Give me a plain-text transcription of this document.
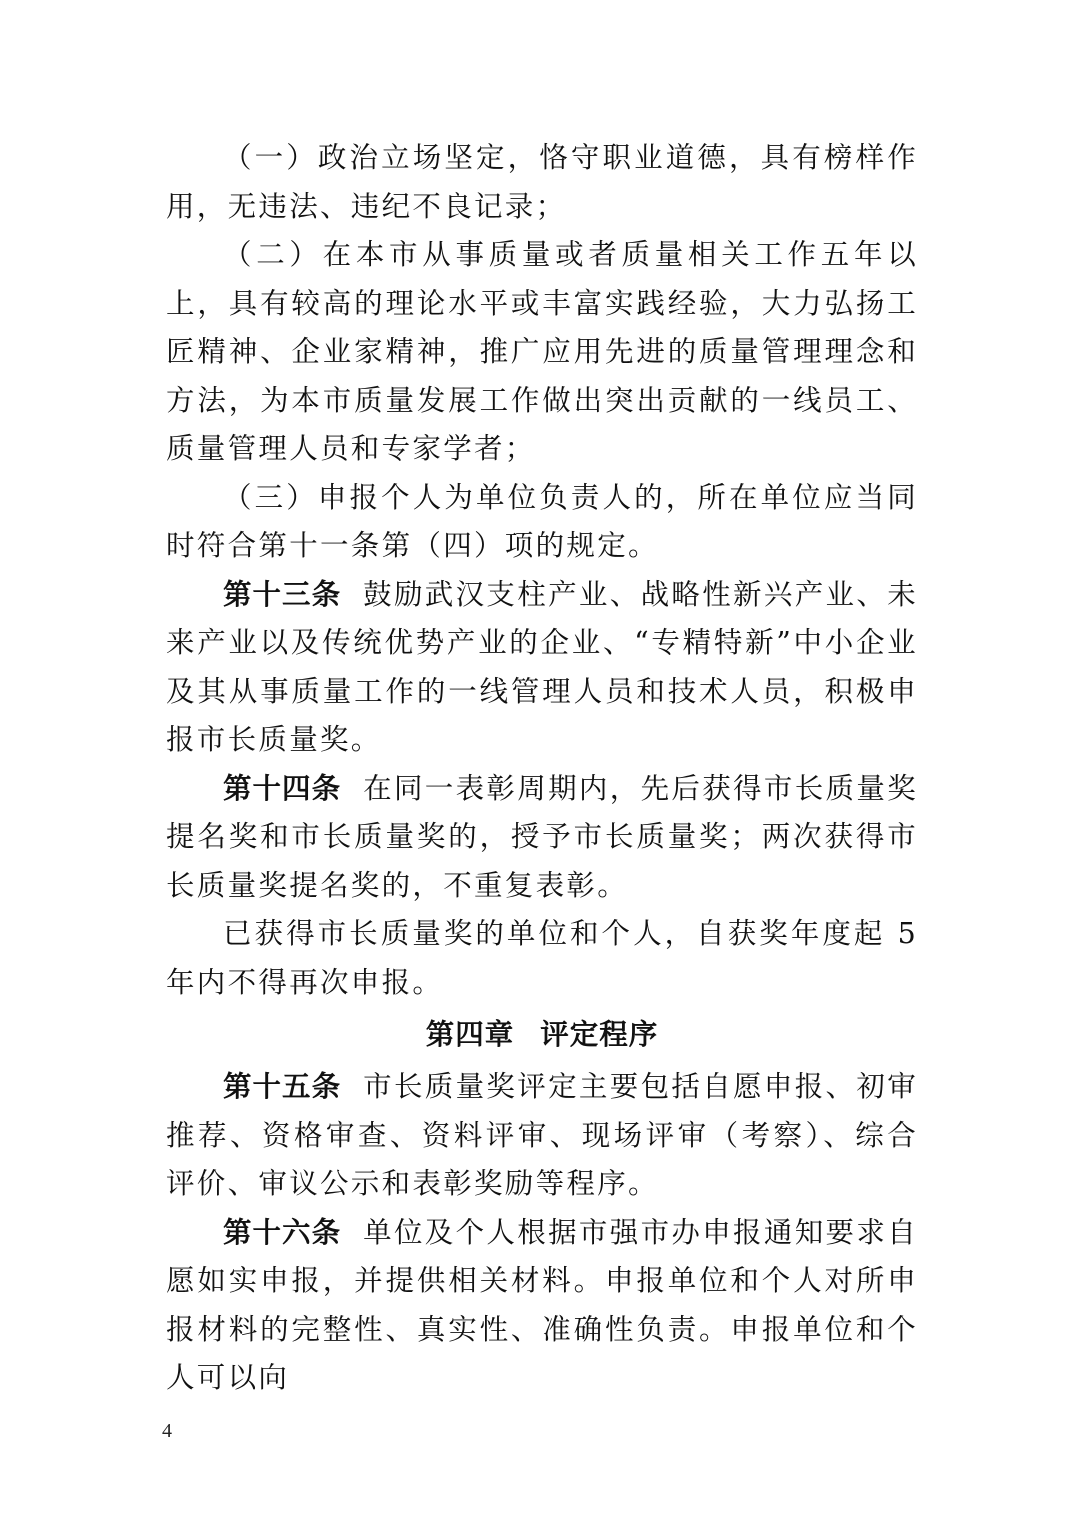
（一）政治立场坚定，恪守职业道德，具有榜样作用，无违法、违纪不良记录；

（二）在本市从事质量或者质量相关工作五年以上，具有较高的理论水平或丰富实践经验，大力弘扬工匠精神、企业家精神，推广应用先进的质量管理理念和方法，为本市质量发展工作做出突出贡献的一线员工、质量管理人员和专家学者；

（三）申报个人为单位负责人的，所在单位应当同时符合第十一条第（四）项的规定。

第十三条 鼓励武汉支柱产业、战略性新兴产业、未来产业以及传统优势产业的企业、“专精特新”中小企业及其从事质量工作的一线管理人员和技术人员，积极申报市长质量奖。

第十四条 在同一表彰周期内，先后获得市长质量奖提名奖和市长质量奖的，授予市长质量奖；两次获得市长质量奖提名奖的，不重复表彰。

已获得市长质量奖的单位和个人，自获奖年度起 5 年内不得再次申报。

第四章 评定程序

第十五条 市长质量奖评定主要包括自愿申报、初审推荐、资格审查、资料评审、现场评审（考察）、综合评价、审议公示和表彰奖励等程序。

第十六条 单位及个人根据市强市办申报通知要求自愿如实申报，并提供相关材料。申报单位和个人对所申报材料的完整性、真实性、准确性负责。申报单位和个人可以向

4
